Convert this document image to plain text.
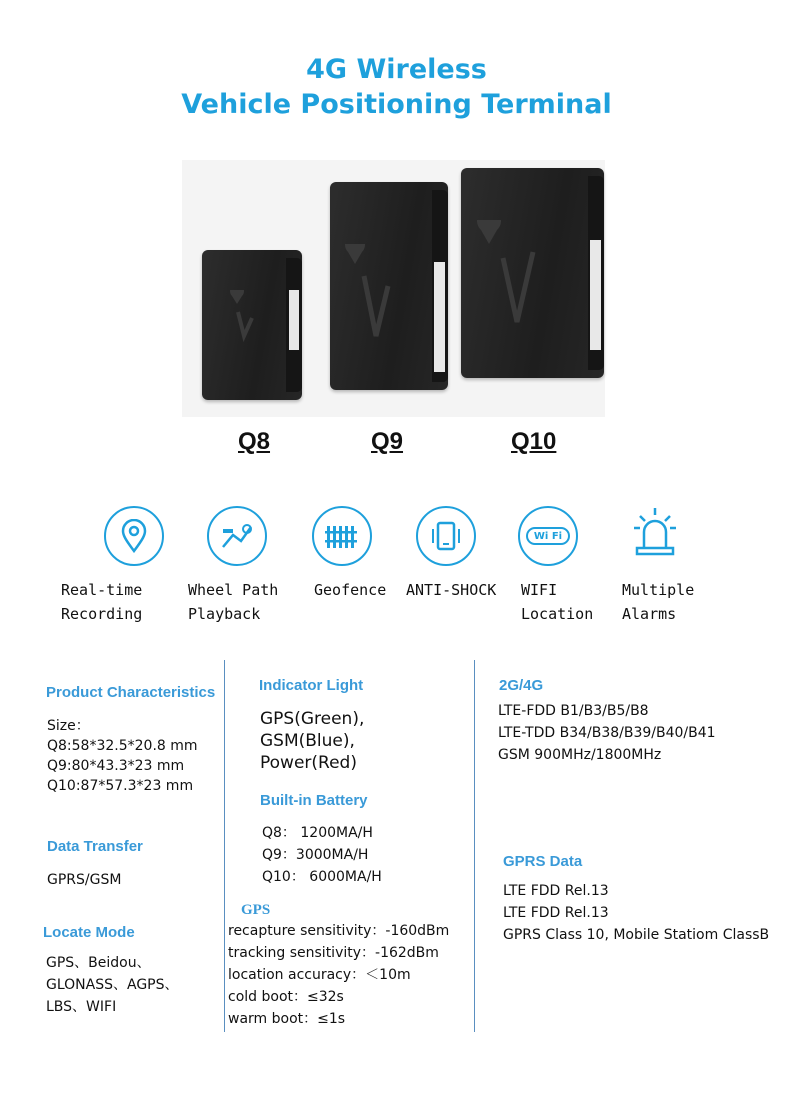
4G Wireless
Vehicle Positioning Terminal
Q8	Q9	Q10
Wi Fi
Real-time
Recording
Wheel Path
Playback
Geofence ANTI-SHOCK WIFI
Location
Multiple
Alarms
Product Characteristics
Size：
Q8:58*32.5*20.8 mm
Q9:80*43.3*23 mm
Q10:87*57.3*23 mm
Data Transfer
GPRS/GSM
Locate Mode
GPS、Beidou、
GLONASS、AGPS、
LBS、WIFI
Indicator Light
GPS(Green),
GSM(Blue),
Power(Red)
Built-in Battery
Q8： 1200MA/H
Q9：3000MA/H
Q10： 6000MA/H
GPS
recapture sensitivity：-160dBm
tracking sensitivity：-162dBm
location accuracy：＜10m
cold boot：≤32s
warm boot：≤1s
2G/4G
LTE-FDD B1/B3/B5/B8
LTE-TDD B34/B38/B39/B40/B41
GSM 900MHz/1800MHz
GPRS Data
LTE FDD Rel.13
LTE FDD Rel.13
GPRS Class 10, Mobile Statiom ClassB
